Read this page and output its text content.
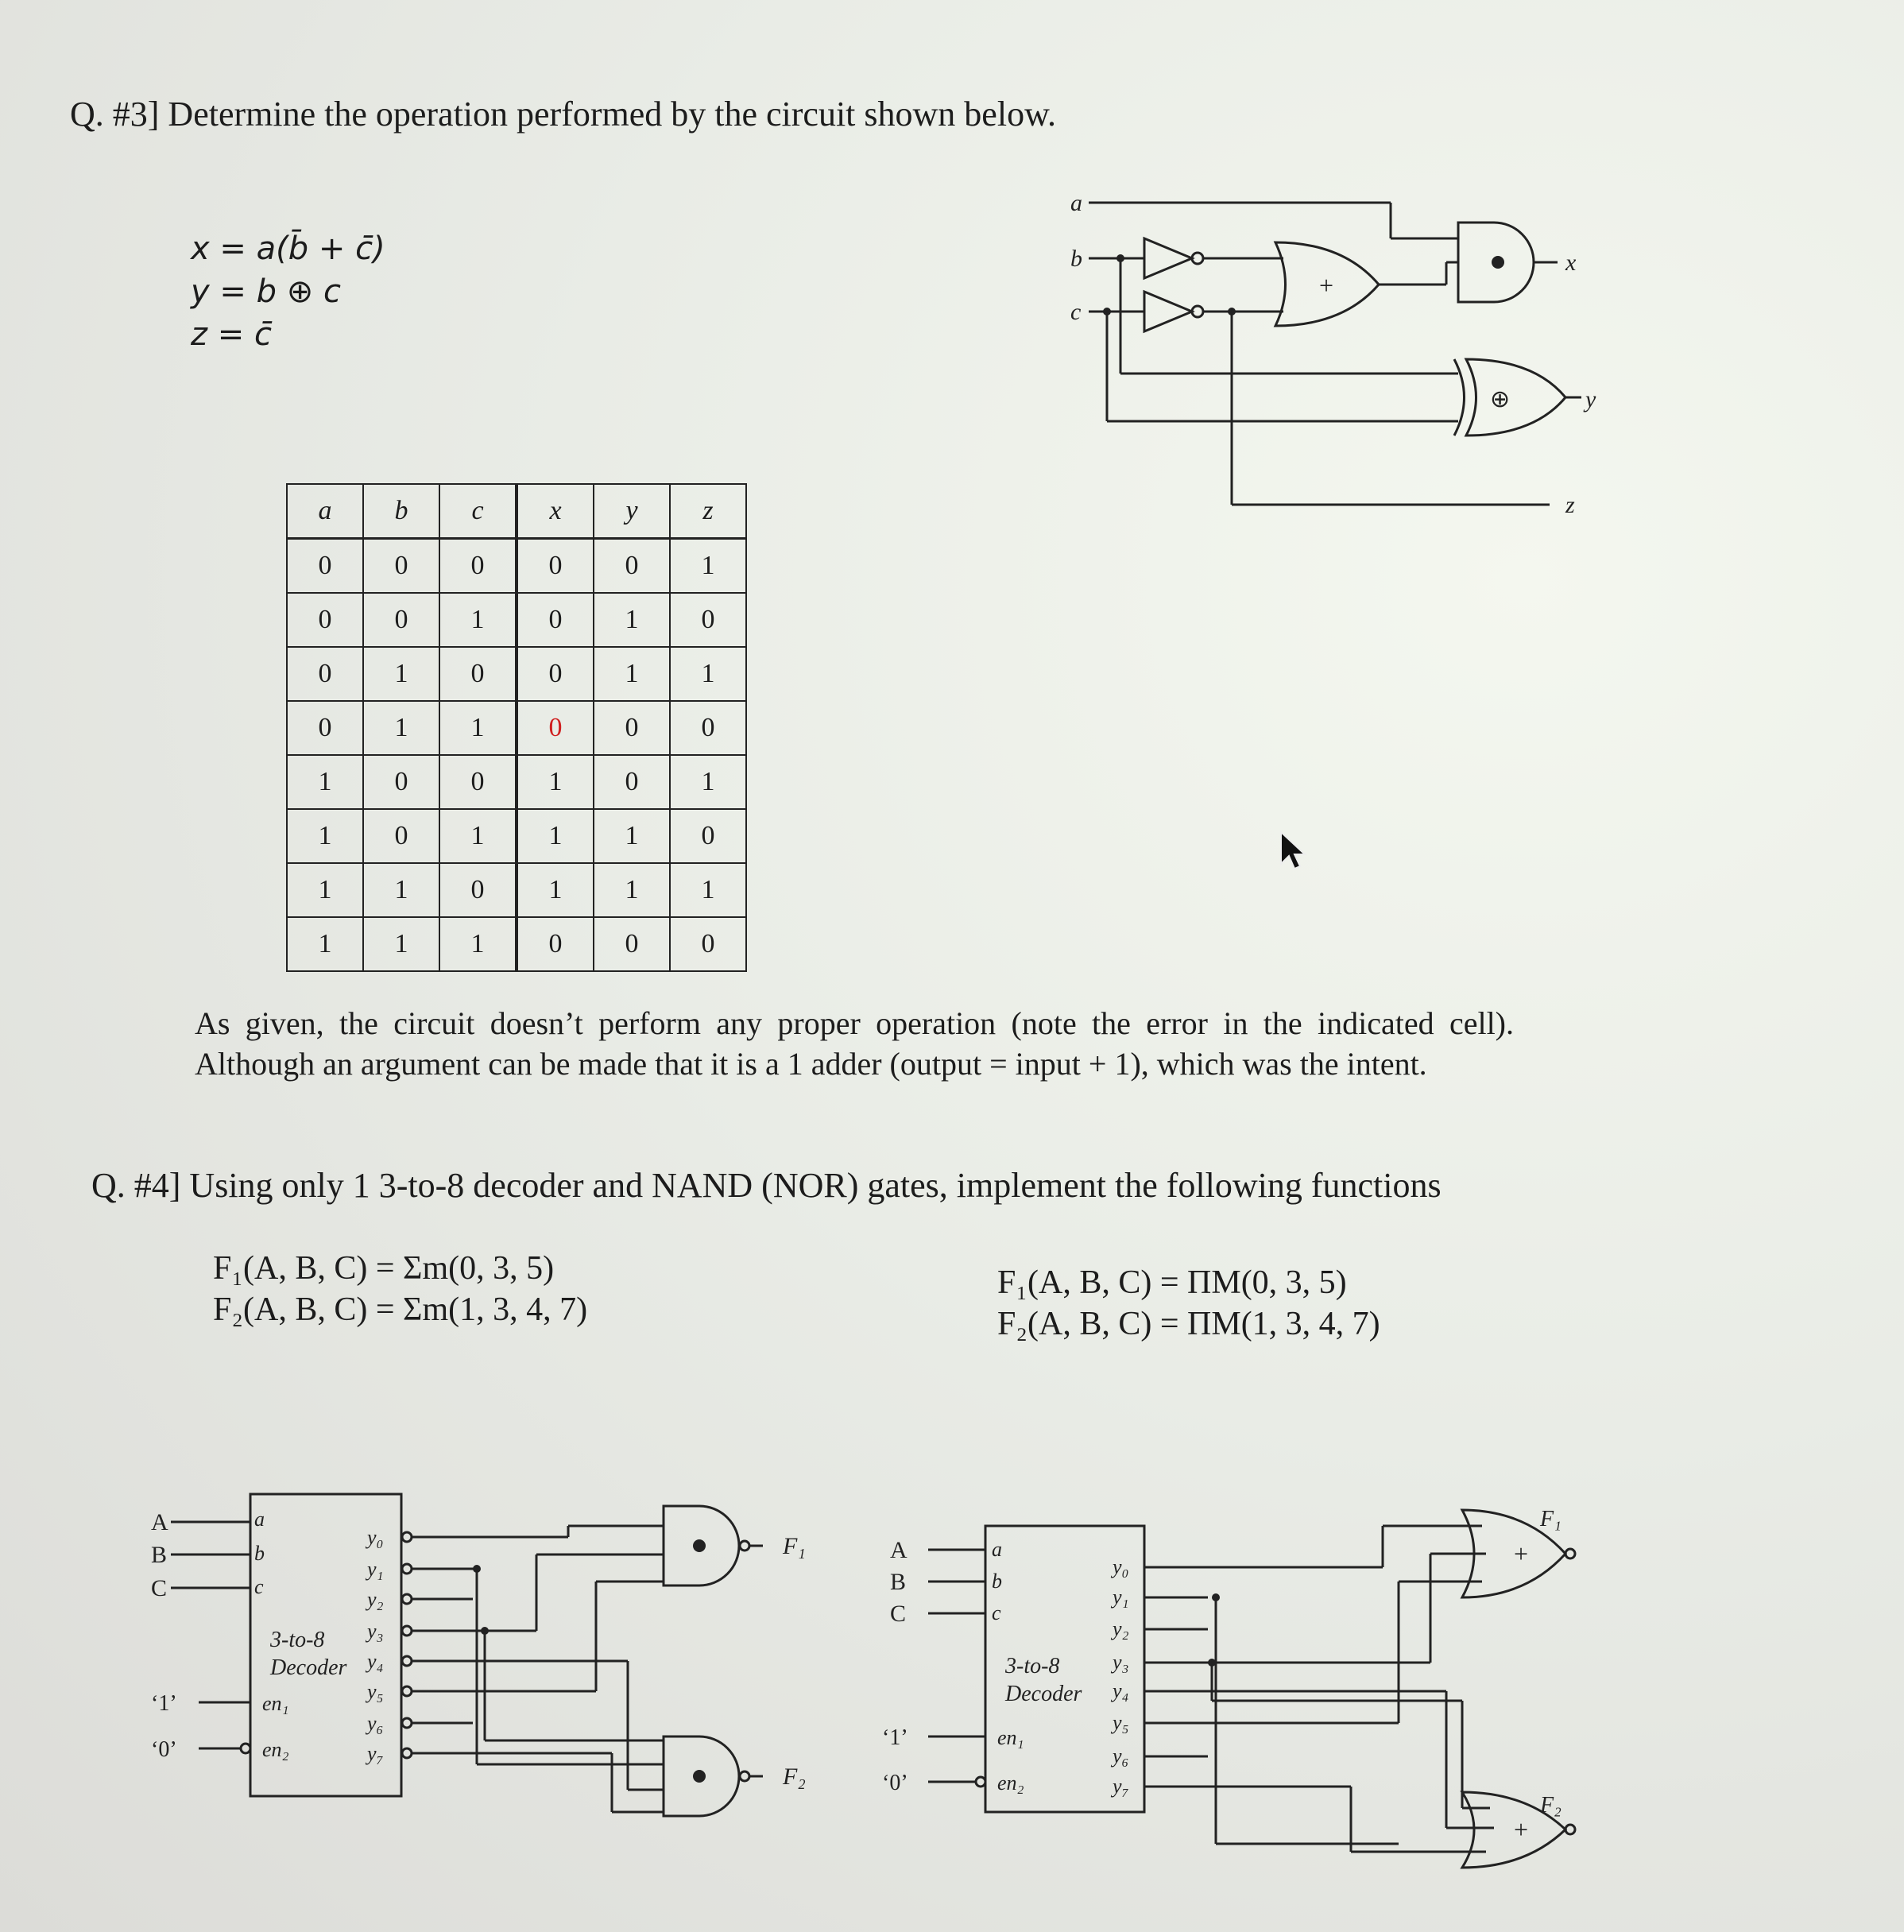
Q. #3] Determine the operation performed by the circuit shown below.
x = a(b̄ + c̄)
y = b ⊕ c
z = c̄
a	b	c	x	y	z
0	0	0	0	0	1
0	0	1	0	1	0
0	1	0	0	1	1
0	1	1	0	0	0
1	0	0	1	0	1
1	0	1	1	1	0
1	1	0	1	1	1
1	1	1	0	0	0
a
b
c
+
⊕
x
y
z
As given, the circuit doesn’t perform any proper operation (note the error in the indicated cell). Although an argument can be made that it is a 1 adder (output = input + 1), which was the intent.
Q. #4] Using only 1 3-to-8 decoder and NAND (NOR) gates, implement the following functions
F₁(A, B, C) = Σm(0, 3, 5)
F₂(A, B, C) = Σm(1, 3, 4, 7)
F₁(A, B, C) = ΠM(0, 3, 5)
F₂(A, B, C) = ΠM(1, 3, 4, 7)
A
B
C
a
b
c
3-to-8
Decoder
‘1’
‘0’
en₁
en₂
y₀
y₁
y₂
y₃
y₄
y₅
y₆
y₇
F₁
F₂
A
B
C
a
b
c
3-to-8
Decoder
‘1’
‘0’
en₁
en₂
y₀
y₁
y₂
y₃
y₄
y₅
y₆
y₇
+
+
F₁
F₂
